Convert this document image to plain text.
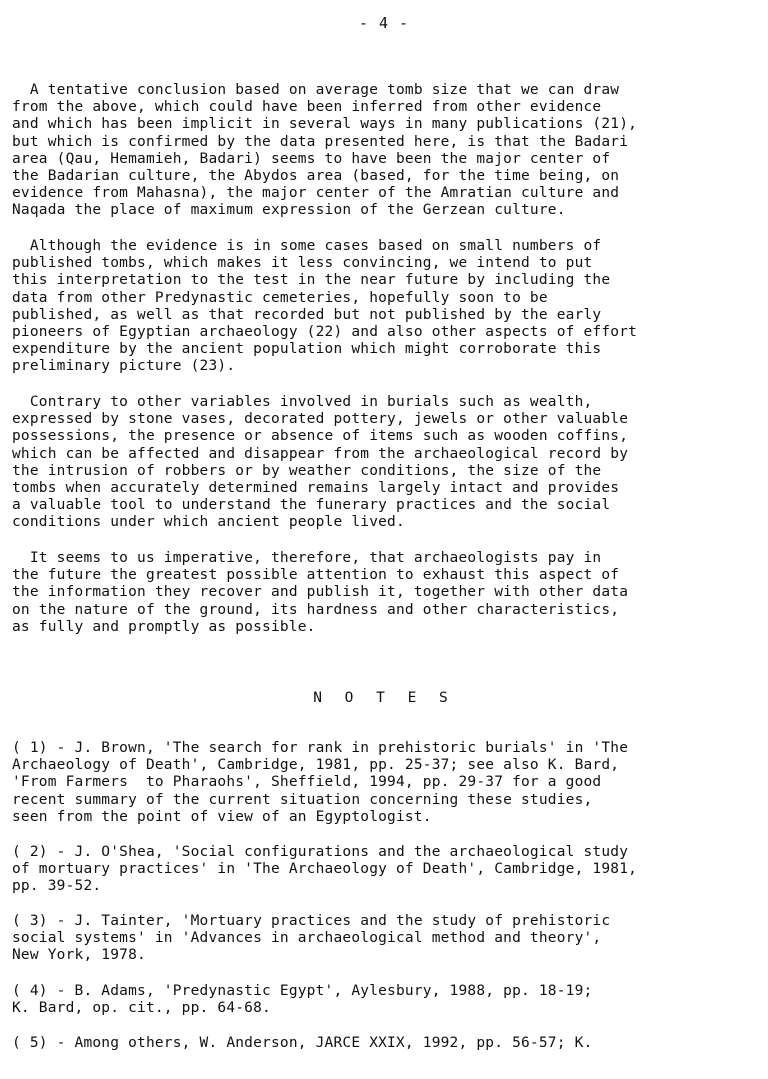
- 4 -

A tentative conclusion based on average tomb size that we can draw
from the above, which could have been inferred from other evidence
and which has been implicit in several ways in many publications (21),
but which is confirmed by the data presented here, is that the Badari
area (Qau, Hemamieh, Badari) seems to have been the major center of
the Badarian culture, the Abydos area (based, for the time being, on
evidence from Mahasna), the major center of the Amratian culture and
Naqada the place of maximum expression of the Gerzean culture.

Although the evidence is in some cases based on small numbers of
published tombs, which makes it less convincing, we intend to put
this interpretation to the test in the near future by including the
data from other Predynastic cemeteries, hopefully soon to be
published, as well as that recorded but not published by the early
pioneers of Egyptian archaeology (22) and also other aspects of effort
expenditure by the ancient population which might corroborate this
preliminary picture (23).

Contrary to other variables involved in burials such as wealth,
expressed by stone vases, decorated pottery, jewels or other valuable
possessions, the presence or absence of items such as wooden coffins,
which can be affected and disappear from the archaeological record by
the intrusion of robbers or by weather conditions, the size of the
tombs when accurately determined remains largely intact and provides
a valuable tool to understand the funerary practices and the social
conditions under which ancient people lived.

It seems to us imperative, therefore, that archaeologists pay in
the future the greatest possible attention to exhaust this aspect of
the information they recover and publish it, together with other data
on the nature of the ground, its hardness and other characteristics,
as fully and promptly as possible.

N O T E S

( 1) - J. Brown, 'The search for rank in prehistoric burials' in 'The
Archaeology of Death', Cambridge, 1981, pp. 25-37; see also K. Bard,
'From Farmers  to Pharaohs', Sheffield, 1994, pp. 29-37 for a good
recent summary of the current situation concerning these studies,
seen from the point of view of an Egyptologist.

( 2) - J. O'Shea, 'Social configurations and the archaeological study
of mortuary practices' in 'The Archaeology of Death', Cambridge, 1981,
pp. 39-52.

( 3) - J. Tainter, 'Mortuary practices and the study of prehistoric
social systems' in 'Advances in archaeological method and theory',
New York, 1978.

( 4) - B. Adams, 'Predynastic Egypt', Aylesbury, 1988, pp. 18-19;
K. Bard, op. cit., pp. 64-68.

( 5) - Among others, W. Anderson, JARCE XXIX, 1992, pp. 56-57; K.
